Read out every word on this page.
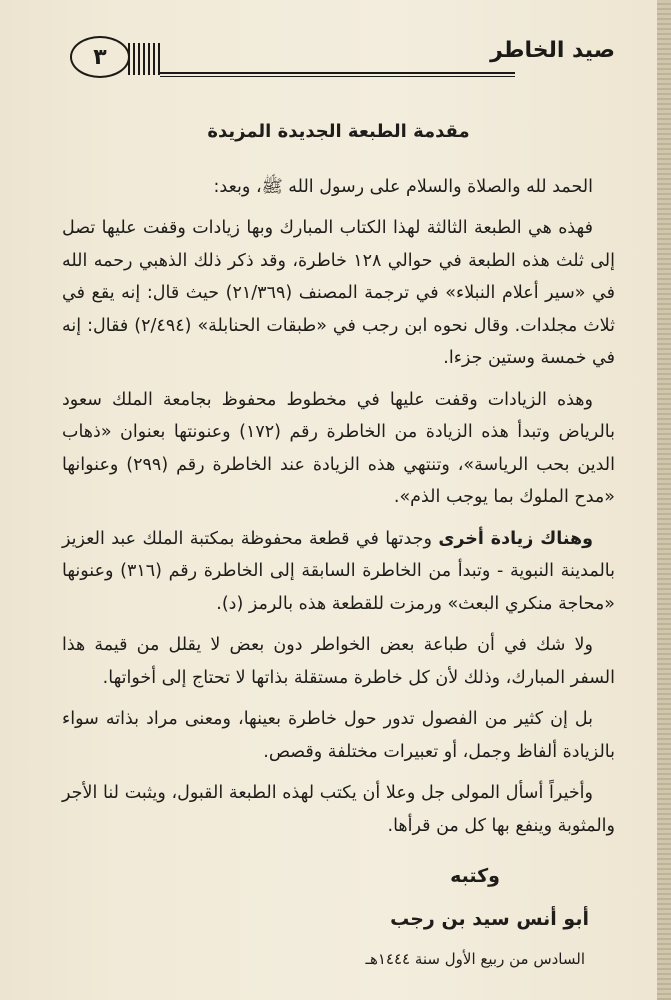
صيد الخاطر
٣
مقدمة الطبعة الجديدة المزيدة

الحمد لله والصلاة والسلام على رسول الله ﷺ، وبعد:

فهذه هي الطبعة الثالثة لهذا الكتاب المبارك وبها زيادات وقفت عليها تصل إلى ثلث هذه الطبعة في حوالي ١٢٨ خاطرة، وقد ذكر ذلك الذهبي رحمه الله في «سير أعلام النبلاء» في ترجمة المصنف (٢١/٣٦٩) حيث قال: إنه يقع في ثلاث مجلدات. وقال نحوه ابن رجب في «طبقات الحنابلة» (٢/٤٩٤) فقال: إنه في خمسة وستين جزءا.

وهذه الزيادات وقفت عليها في مخطوط محفوظ بجامعة الملك سعود بالرياض وتبدأ هذه الزيادة من الخاطرة رقم (١٧٢) وعنونتها بعنوان «ذهاب الدين بحب الرياسة»، وتنتهي هذه الزيادة عند الخاطرة رقم (٢٩٩) وعنوانها «مدح الملوك بما يوجب الذم».

وهناك زيادة أخرى وجدتها في قطعة محفوظة بمكتبة الملك عبد العزيز بالمدينة النبوية - وتبدأ من الخاطرة السابقة إلى الخاطرة رقم (٣١٦) وعنونها «محاجة منكري البعث» ورمزت للقطعة هذه بالرمز (د).

ولا شك في أن طباعة بعض الخواطر دون بعض لا يقلل من قيمة هذا السفر المبارك، وذلك لأن كل خاطرة مستقلة بذاتها لا تحتاج إلى أخواتها.

بل إن كثير من الفصول تدور حول خاطرة بعينها، ومعنى مراد بذاته سواء بالزيادة ألفاظ وجمل، أو تعبيرات مختلفة وقصص.

وأخيراً أسأل المولى جل وعلا أن يكتب لهذه الطبعة القبول، ويثبت لنا الأجر والمثوبة وينفع بها كل من قرأها.

وكتبه
أبو أنس سيد بن رجب
السادس من ربيع الأول سنة ١٤٤٤هـ
